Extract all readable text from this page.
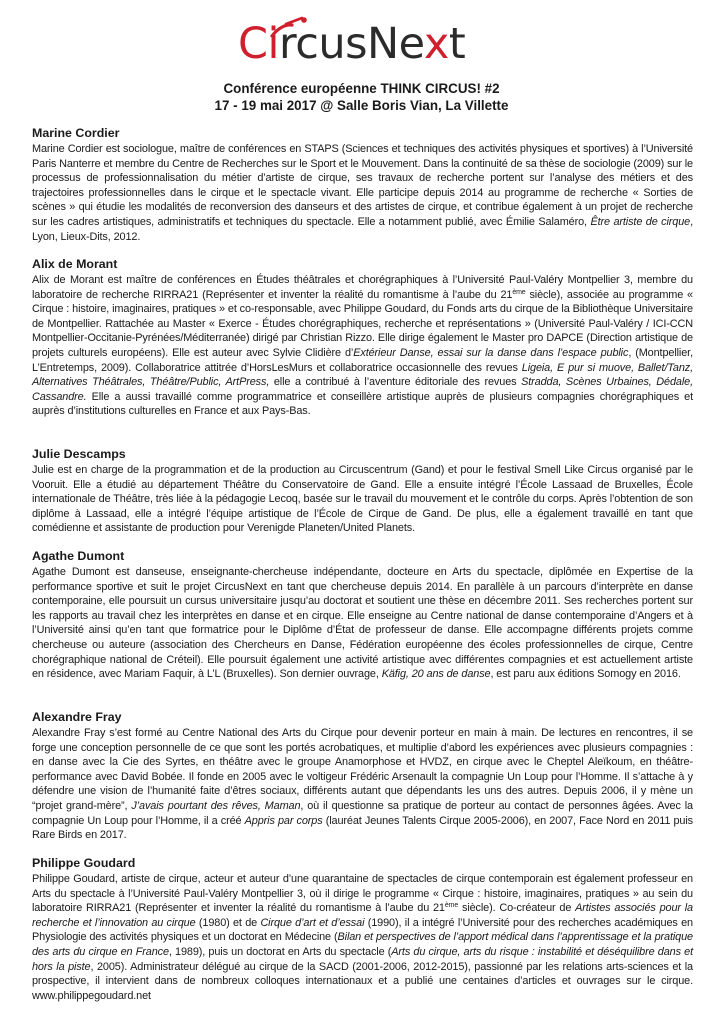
CircusNext
Conférence européenne THINK CIRCUS! #2
17 - 19 mai 2017 @ Salle Boris Vian, La Villette

Marine Cordier

Marine Cordier est sociologue, maître de conférences en STAPS (Sciences et techniques des activités physiques et sportives) à l’Université Paris Nanterre et membre du Centre de Recherches sur le Sport et le Mouvement. Dans la continuité de sa thèse de sociologie (2009) sur le processus de professionnalisation du métier d’artiste de cirque, ses travaux de recherche portent sur l’analyse des métiers et des trajectoires professionnelles dans le cirque et le spectacle vivant. Elle participe depuis 2014 au programme de recherche « Sorties de scènes » qui étudie les modalités de reconversion des danseurs et des artistes de cirque, et contribue également à un projet de recherche sur les cadres artistiques, administratifs et techniques du spectacle. Elle a notamment publié, avec Émilie Salaméro, Être artiste de cirque, Lyon, Lieux-Dits, 2012.

Alix de Morant

Alix de Morant est maître de conférences en Études théâtrales et chorégraphiques à l’Université Paul-Valéry Montpellier 3, membre du laboratoire de recherche RIRRA21 (Représenter et inventer la réalité du romantisme à l’aube du 21ème siècle), associée au programme « Cirque : histoire, imaginaires, pratiques » et co-responsable, avec Philippe Goudard, du Fonds arts du cirque de la Bibliothèque Universitaire de Montpellier. Rattachée au Master « Exerce - Études chorégraphiques, recherche et représentations » (Université Paul-Valéry / ICI-CCN Montpellier-Occitanie-Pyrénées/Méditerranée) dirigé par Christian Rizzo. Elle dirige également le Master pro DAPCE (Direction artistique de projets culturels européens). Elle est auteur avec Sylvie Clidière d’Extérieur Danse, essai sur la danse dans l’espace public, (Montpellier, L’Entretemps, 2009). Collaboratrice attitrée d’HorsLesMurs et collaboratrice occasionnelle des revues Ligeia, E pur si muove, Ballet/Tanz, Alternatives Théâtrales, Théâtre/Public, ArtPress, elle a contribué à l’aventure éditoriale des revues Stradda, Scènes Urbaines, Dédale, Cassandre. Elle a aussi travaillé comme programmatrice et conseillère artistique auprès de plusieurs compagnies chorégraphiques et auprès d’institutions culturelles en France et aux Pays-Bas.

Julie Descamps

Julie est en charge de la programmation et de la production au Circuscentrum (Gand) et pour le festival Smell Like Circus organisé par le Vooruit. Elle a étudié au département Théâtre du Conservatoire de Gand. Elle a ensuite intégré l’École Lassaad de Bruxelles, École internationale de Théâtre, très liée à la pédagogie Lecoq, basée sur le travail du mouvement et le contrôle du corps. Après l’obtention de son diplôme à Lassaad, elle a intégré l’équipe artistique de l’École de Cirque de Gand. De plus, elle a également travaillé en tant que comédienne et assistante de production pour Verenigde Planeten/United Planets.

Agathe Dumont

Agathe Dumont est danseuse, enseignante-chercheuse indépendante, docteure en Arts du spectacle, diplômée en Expertise de la performance sportive et suit le projet CircusNext en tant que chercheuse depuis 2014. En parallèle à un parcours d’interprète en danse contemporaine, elle poursuit un cursus universitaire jusqu’au doctorat et soutient une thèse en décembre 2011. Ses recherches portent sur les rapports au travail chez les interprètes en danse et en cirque. Elle enseigne au Centre national de danse contemporaine d’Angers et à l’Université ainsi qu’en tant que formatrice pour le Diplôme d’État de professeur de danse. Elle accompagne différents projets comme chercheuse ou auteure (association des Chercheurs en Danse, Fédération européenne des écoles professionnelles de cirque, Centre chorégraphique national de Créteil). Elle poursuit également une activité artistique avec différentes compagnies et est actuellement artiste en résidence, avec Mariam Faquir, à L’L (Bruxelles). Son dernier ouvrage, Käfig, 20 ans de danse, est paru aux éditions Somogy en 2016.

Alexandre Fray

Alexandre Fray s’est formé au Centre National des Arts du Cirque pour devenir porteur en main à main. De lectures en rencontres, il se forge une conception personnelle de ce que sont les portés acrobatiques, et multiplie d’abord les expériences avec plusieurs compagnies : en danse avec la Cie des Syrtes, en théâtre avec le groupe Anamorphose et HVDZ, en cirque avec le Cheptel Aleïkoum, en théâtre-performance avec David Bobée. Il fonde en 2005 avec le voltigeur Frédéric Arsenault la compagnie Un Loup pour l’Homme. Il s’attache à y défendre une vision de l’humanité faite d’êtres sociaux, différents autant que dépendants les uns des autres. Depuis 2006, il y mène un “projet grand-mère”, J’avais pourtant des rêves, Maman, où il questionne sa pratique de porteur au contact de personnes âgées. Avec la compagnie Un Loup pour l’Homme, il a créé Appris par corps (lauréat Jeunes Talents Cirque 2005-2006), en 2007, Face Nord en 2011 puis Rare Birds en 2017.

Philippe Goudard

Philippe Goudard, artiste de cirque, acteur et auteur d’une quarantaine de spectacles de cirque contemporain est également professeur en Arts du spectacle à l’Université Paul-Valéry Montpellier 3, où il dirige le programme « Cirque : histoire, imaginaires, pratiques » au sein du laboratoire RIRRA21 (Représenter et inventer la réalité du romantisme à l’aube du 21ème siècle). Co-créateur de Artistes associés pour la recherche et l’innovation au cirque (1980) et de Cirque d’art et d’essai (1990), il a intégré l’Université pour des recherches académiques en Physiologie des activités physiques et un doctorat en Médecine (Bilan et perspectives de l’apport médical dans l’apprentissage et la pratique des arts du cirque en France, 1989), puis un doctorat en Arts du spectacle (Arts du cirque, arts du risque : instabilité et déséquilibre dans et hors la piste, 2005). Administrateur délégué au cirque de la SACD (2001-2006, 2012-2015), passionné par les relations arts-sciences et la prospective, il intervient dans de nombreux colloques internationaux et a publié une centaines d’articles et ouvrages sur le cirque. www.philippegoudard.net
